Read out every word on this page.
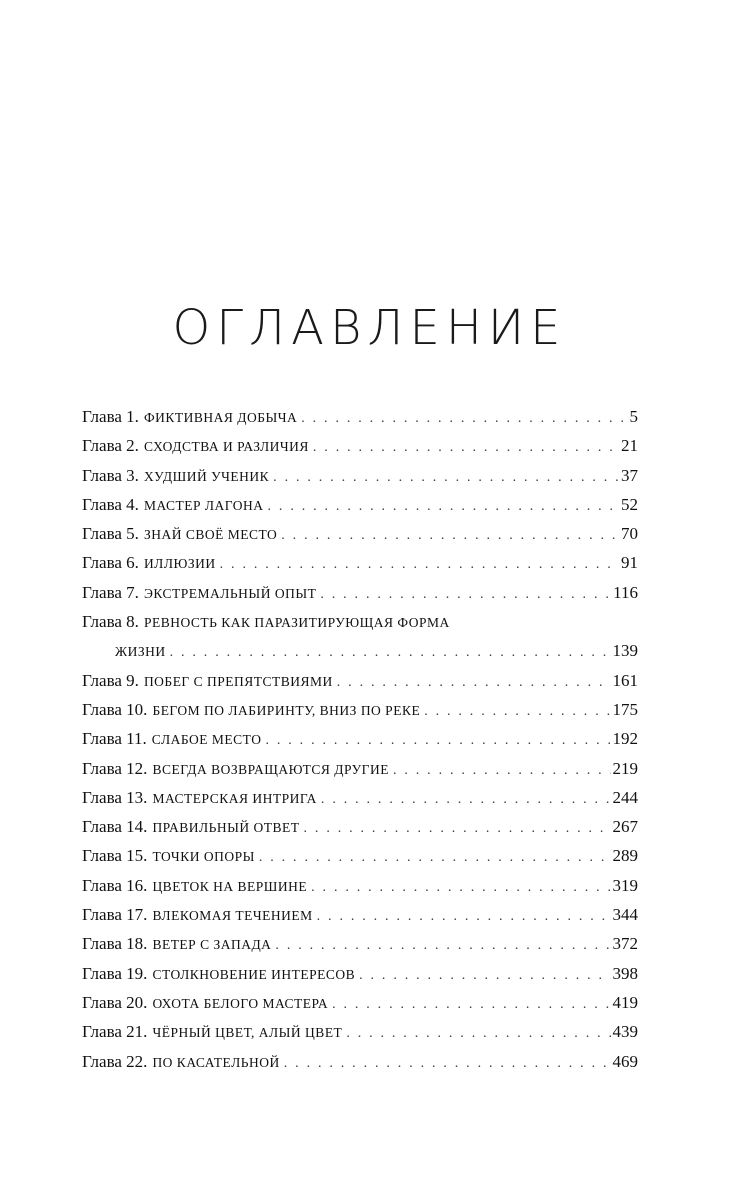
ОГЛАВЛЕНИЕ
Глава 1. ФИКТИВНАЯ ДОБЫЧА . . .	5
Глава 2. СХОДСТВА И РАЗЛИЧИЯ . . .	21
Глава 3. ХУДШИЙ УЧЕНИК . . .	37
Глава 4. МАСТЕР ЛАГОНА . . .	52
Глава 5. ЗНАЙ СВОЁ МЕСТО . . .	70
Глава 6. ИЛЛЮЗИИ . . .	91
Глава 7. ЭКСТРЕМАЛЬНЫЙ ОПЫТ . . .	116
Глава 8. РЕВНОСТЬ КАК ПАРАЗИТИРУЮЩАЯ ФОРМА
ЖИЗНИ . . .	139
Глава 9. ПОБЕГ С ПРЕПЯТСТВИЯМИ . . .	161
Глава 10. БЕГОМ ПО ЛАБИРИНТУ, ВНИЗ ПО РЕКЕ . . .	175
Глава 11. СЛАБОЕ МЕСТО . . .	192
Глава 12. ВСЕГДА ВОЗВРАЩАЮТСЯ ДРУГИЕ . . .	219
Глава 13. МАСТЕРСКАЯ ИНТРИГА . . .	244
Глава 14. ПРАВИЛЬНЫЙ ОТВЕТ . . .	267
Глава 15. ТОЧКИ ОПОРЫ . . .	289
Глава 16. ЦВЕТОК НА ВЕРШИНЕ . . .	319
Глава 17. ВЛЕКОМАЯ ТЕЧЕНИЕМ . . .	344
Глава 18. ВЕТЕР С ЗАПАДА . . .	372
Глава 19. СТОЛКНОВЕНИЕ ИНТЕРЕСОВ . . .	398
Глава 20. ОХОТА БЕЛОГО МАСТЕРА . . .	419
Глава 21. ЧЁРНЫЙ ЦВЕТ, АЛЫЙ ЦВЕТ . . .	439
Глава 22. ПО КАСАТЕЛЬНОЙ . . .	469
